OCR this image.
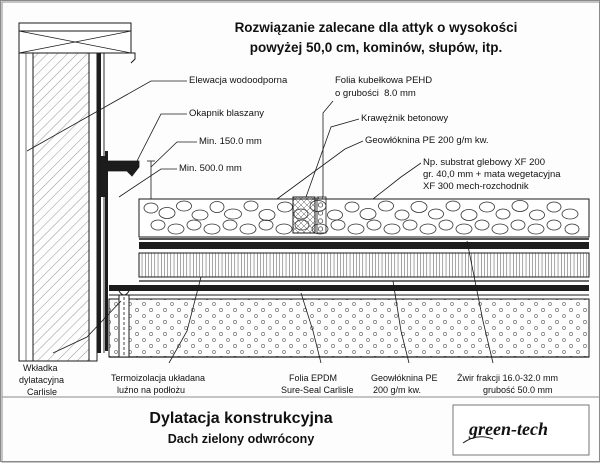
Rozwiązanie zalecane dla attyk o wysokości
powyżej 50,0 cm, kominów, słupów, itp.
Elewacja wodoodporna
Okapnik blaszany
Min. 150.0 mm
Min. 500.0 mm
Folia kubełkowa PEHD
o grubości  8.0 mm
Krawężnik betonowy
Geowłóknina PE 200 g/m kw.
Np. substrat glebowy XF 200
gr. 40,0 mm + mata wegetacyjna
XF 300 mech-rozchodnik
Wkładka
dylatacyjna
Carlisle
Termoizolacja układana
luźno na podłożu
Folia EPDM
Sure-Seal Carlisle
Geowłóknina PE
200 g/m kw.
Żwir frakcji 16.0-32.0 mm
grubość 50.0 mm
Dylatacja konstrukcyjna
Dach zielony odwrócony	green-tech
